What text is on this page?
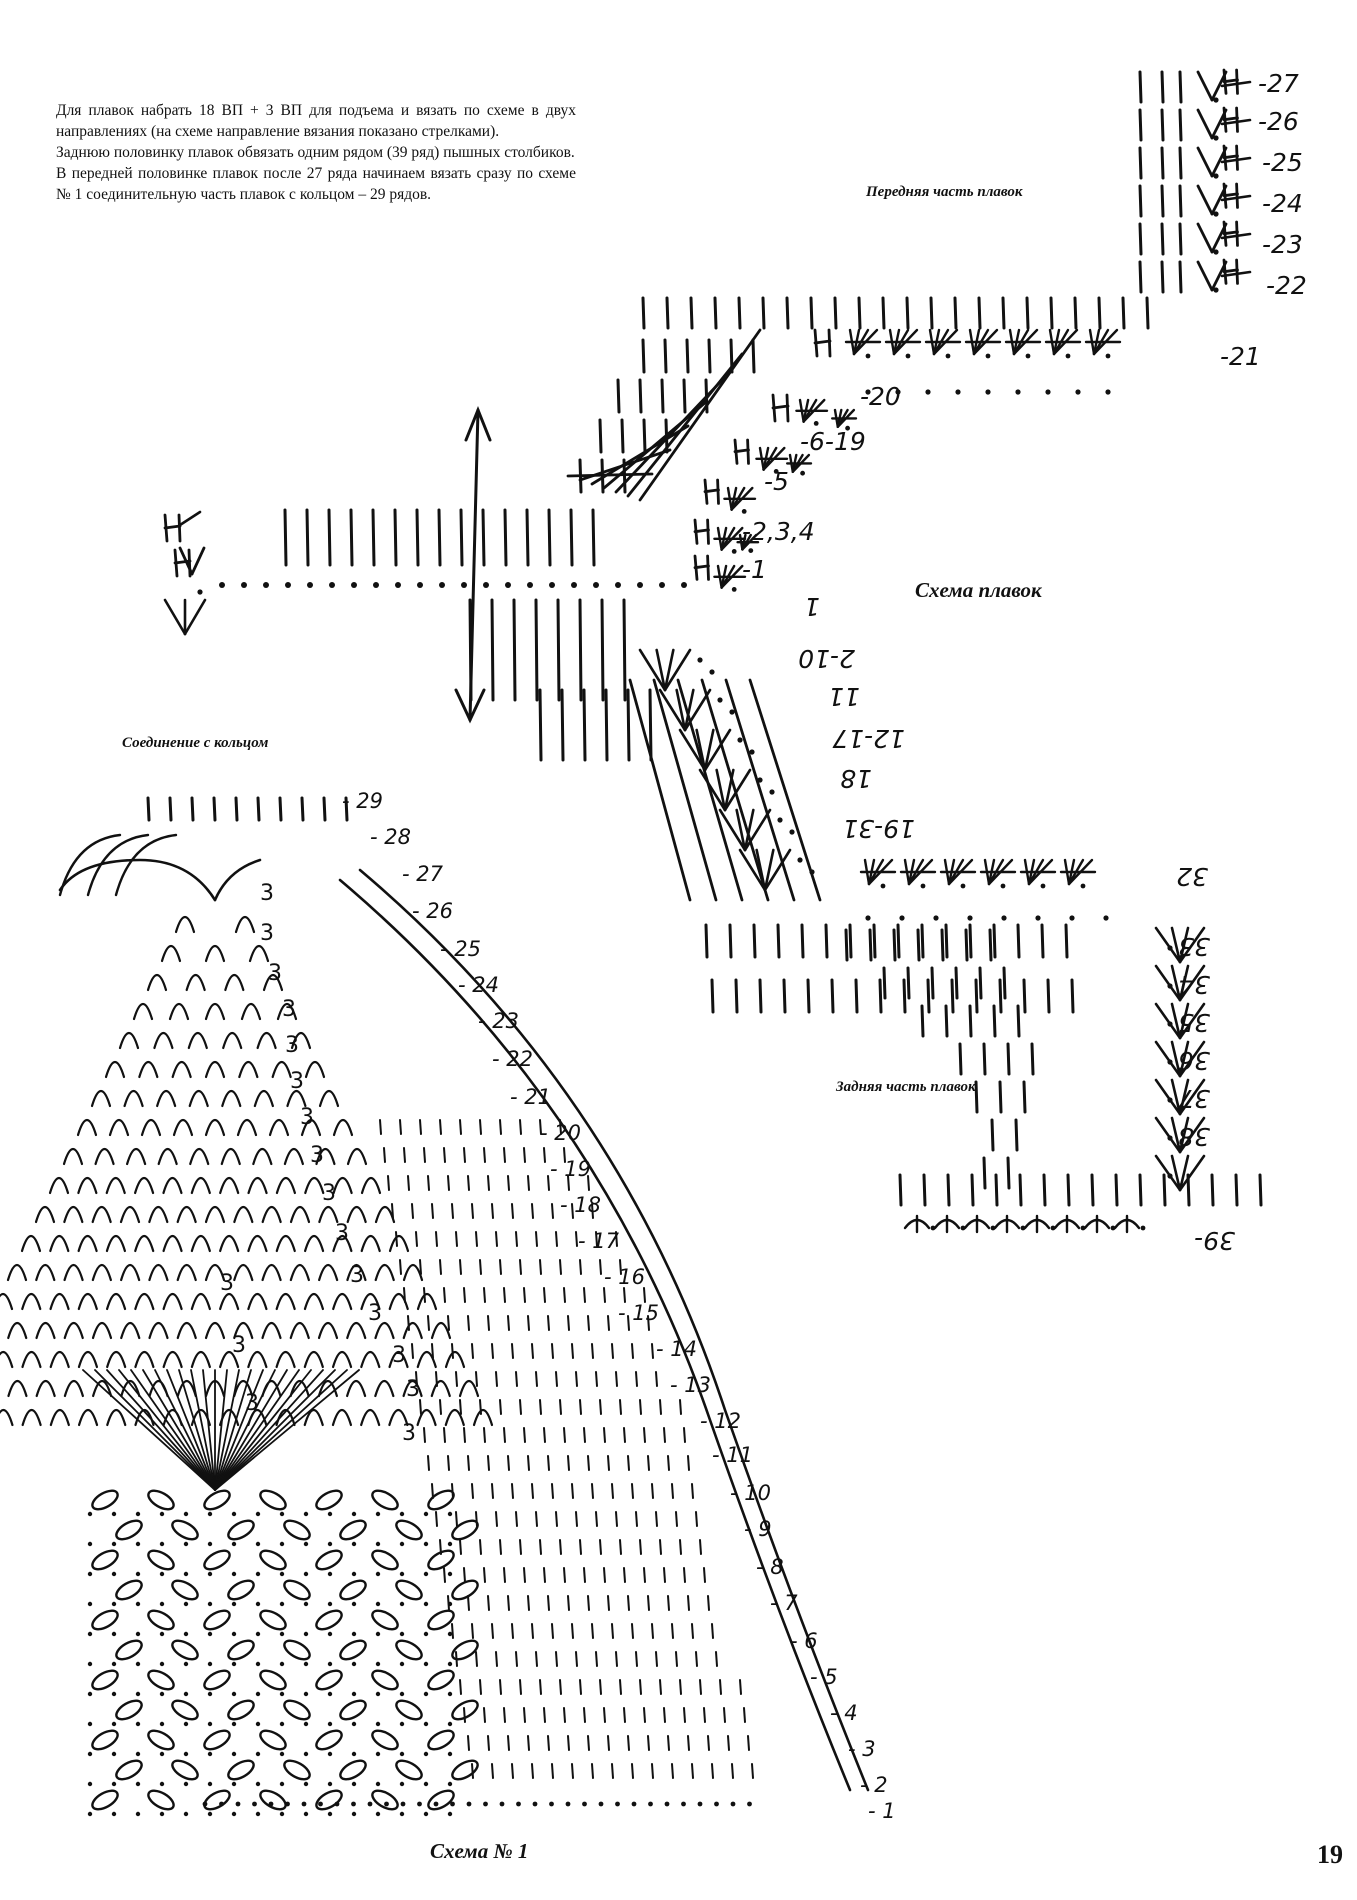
Для плавок набрать 18 ВП + 3 ВП для подъема и вязать по схеме в двух направлениях (на схеме направление вязания показано стрелками).

Заднюю половинку плавок обвязать одним рядом (39 ряд) пышных столбиков.

В передней половинке плавок после 27 ряда начинаем вязать сразу по схеме № 1 соединительную часть плавок с кольцом – 29 рядов.	Передняя часть плавок
Задняя часть плавок
Соединение с кольцом
Схема плавок
Схема № 1	19
3
3
3
3
3
3
3
3
3
3
3
3
3
3
3
3
3
3
-27
-26
-25
-24
-23
-22
-21
-20
-6-19
-5
-2,3,4
-1
1
2-10
11
12-17
18
19-31
32
33
34
35
36
37
38
39-
- 29
- 28
- 27
- 26
- 25
- 24
- 23
- 22
- 21
- 20
- 19
- 18
- 17
- 16
- 15
- 14
- 13
- 12
- 11
- 10
- 9
- 8
- 7
- 6
- 5
- 4
- 3
- 2
- 1
